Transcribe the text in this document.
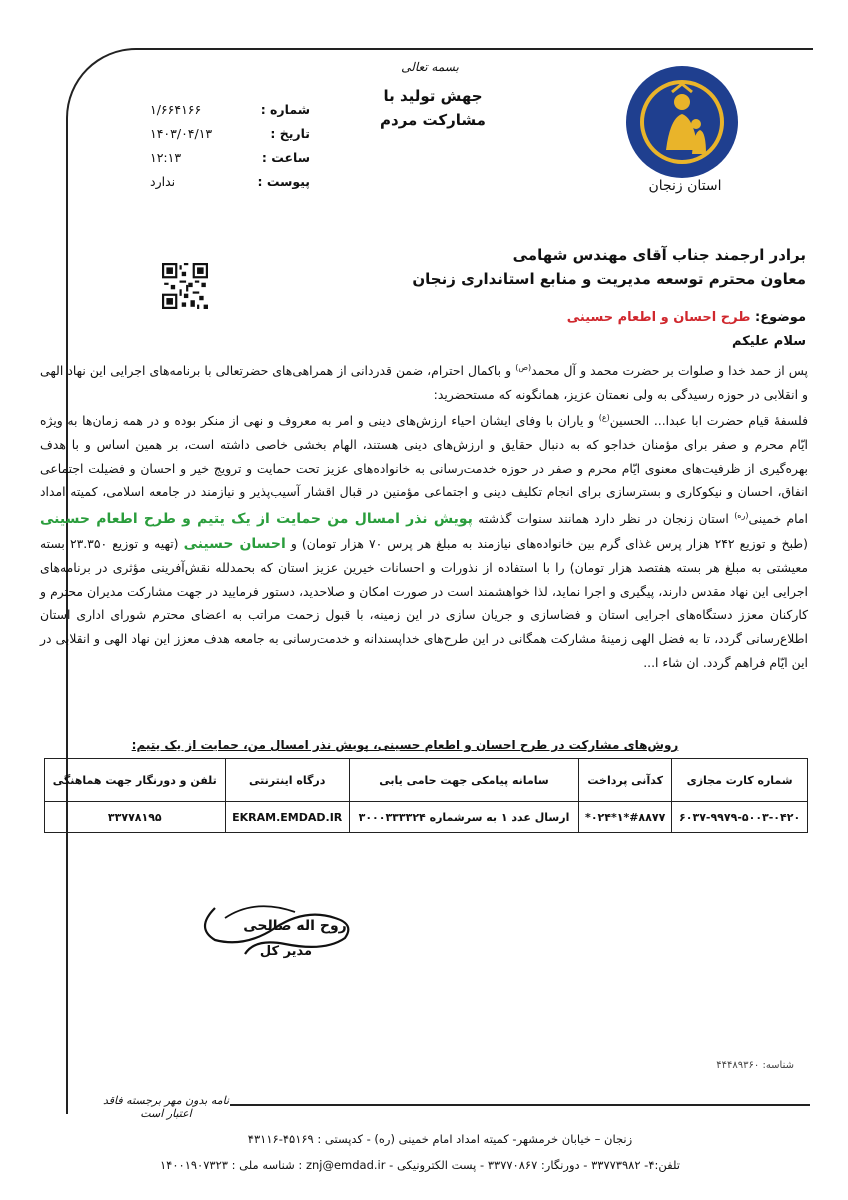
استان زنجان
بسمه تعالی
جهش تولید با
مشارکت مردم
شماره :
۱/۶۶۴۱۶۶
تاریخ :
۱۴۰۳/۰۴/۱۳
ساعت :
۱۲:۱۳
پیوست :
ندارد
برادر ارجمند جناب آقای مهندس شهامی
معاون محترم توسعه مدیریت و منابع استانداری زنجان
موضوع: طرح احسان و اطعام حسینی
سلام علیکم
پس از حمد خدا و صلوات بر حضرت محمد و آل محمد$^{(ص)}$ و باکمال احترام، ضمن قدردانی از همراهی‌های حضرتعالی با برنامه‌های اجرایی این نهاد الهی و انقلابی در حوزه رسیدگی به ولی نعمتان عزیز، همانگونه که مستحضرید:
فلسفهٔ قیام حضرت ابا عبدا... الحسین$^{(ع)}$ و یاران با وفای ایشان احیاء ارزش‌های دینی و امر به معروف و نهی از منکر بوده و در همه زمان‌ها به ویژه ایّام محرم و صفر برای مؤمنان خداجو که به دنبال حقایق و ارزش‌های دینی هستند، الهام بخشی خاصی داشته است، بر همین اساس و با هدف بهره‌گیری از ظرفیت‌های معنوی ایّام محرم و صفر در حوزه خدمت‌رسانی به خانواده‌های عزیز تحت حمایت و ترویج خیر و احسان و فضیلت اجتماعی انفاق، احسان و نیکوکاری و بسترسازی برای انجام تکلیف دینی و اجتماعی مؤمنین در قبال اقشار آسیب‌پذیر و نیازمند در جامعه اسلامی، کمیته امداد امام خمینی$^{(ره)}$ استان زنجان در نظر دارد همانند سنوات گذشته پویش نذر امسال من حمایت از یک یتیم و طرح اطعام حسینی (طبخ و توزیع ۲۴۲ هزار پرس غذای گرم بین خانواده‌های نیازمند به مبلغ هر پرس ۷۰ هزار تومان) و احسان حسینی (تهیه و توزیع ۲۳.۳۵۰ بسته معیشتی به مبلغ هر بسته هفتصد هزار تومان) را با استفاده از نذورات و احسانات خیرین عزیز استان که بحمدلله نقش‌آفرینی مؤثری در برنامه‌های اجرایی این نهاد مقدس دارند، پیگیری و اجرا نماید، لذا خواهشمند است در صورت امکان و صلاحدید، دستور فرمایید در جهت مشارکت مدیران محترم و کارکنان معزز دستگاه‌های اجرایی استان و فضاسازی و جریان سازی در این زمینه، با قبول زحمت مراتب به اعضای محترم شورای اداری استان اطلاع‌رسانی گردد، تا به فضل الهی زمینهٔ مشارکت همگانی در این طرح‌های خداپسندانه و خدمت‌رسانی به جامعه هدف معزز این نهاد الهی و انقلابی در این ایّام فراهم گردد. ان شاء ا...
روش‌های مشارکت در طرح احسان و اطعام حسینی، پویش نذر امسال من، حمایت از یک یتیم:
شماره کارت مجازی	کدآنی پرداخت	سامانه پیامکی جهت حامی یابی	درگاه اینترنتی	تلفن و دورنگار جهت هماهنگی
۶۰۳۷-۹۹۷۹-۵۰۰۳-۰۴۲۰	#۸۸۷۷*۱*۰۲۴*	ارسال عدد ۱ به سرشماره ۳۰۰۰۳۳۳۳۲۴	EKRAM.EMDAD.IR	۳۳۷۷۸۱۹۵
روح اله صالحی
مدیر کل
شناسه: ۴۴۴۸۹۳۶۰
نامه بدون مهر برجسته فاقد اعتبار است
زنجان – خیابان خرمشهر- کمیته امداد امام خمینی (ره) - کدپستی : ۴۵۱۶۹-۴۳۱۱۶
تلفن:۴- ۳۳۷۷۳۹۸۲ - دورنگار: ۳۳۷۷۰۸۶۷ - پست الکترونیکی - znj@emdad.ir : شناسه ملی : ۱۴۰۰۱۹۰۷۳۲۳
